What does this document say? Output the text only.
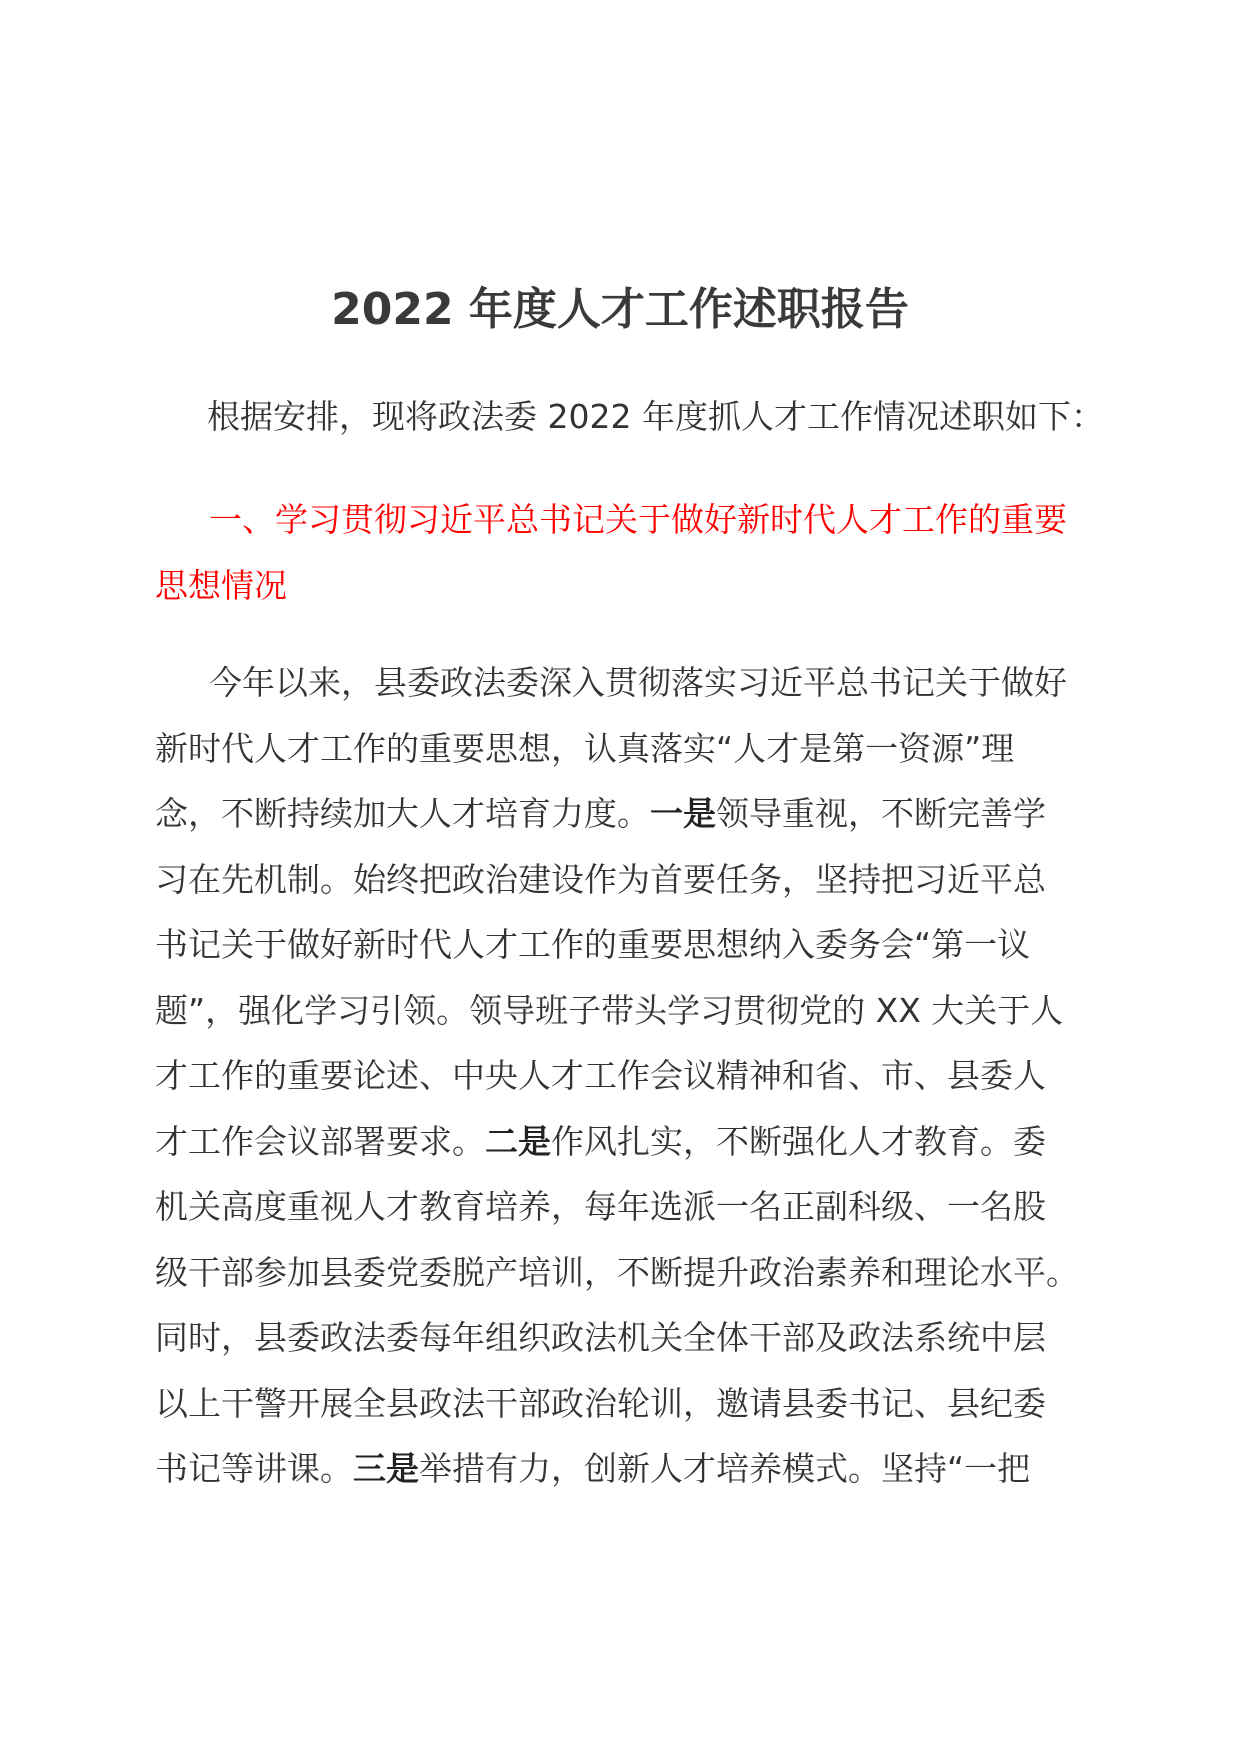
2022 年度人才工作述职报告

根据安排，现将政法委 2022 年度抓人才工作情况述职如下：

一、学习贯彻习近平总书记关于做好新时代人才工作的重要
思想情况
今年以来，县委政法委深入贯彻落实习近平总书记关于做好
新时代人才工作的重要思想，认真落实“人才是第一资源”理
念，不断持续加大人才培育力度。一是领导重视，不断完善学
习在先机制。始终把政治建设作为首要任务，坚持把习近平总
书记关于做好新时代人才工作的重要思想纳入委务会“第一议
题”，强化学习引领。领导班子带头学习贯彻党的 XX 大关于人
才工作的重要论述、中央人才工作会议精神和省、市、县委人
才工作会议部署要求。二是作风扎实，不断强化人才教育。委
机关高度重视人才教育培养，每年选派一名正副科级、一名股
级干部参加县委党委脱产培训，不断提升政治素养和理论水平。
同时，县委政法委每年组织政法机关全体干部及政法系统中层
以上干警开展全县政法干部政治轮训，邀请县委书记、县纪委
书记等讲课。三是举措有力，创新人才培养模式。坚持“一把
